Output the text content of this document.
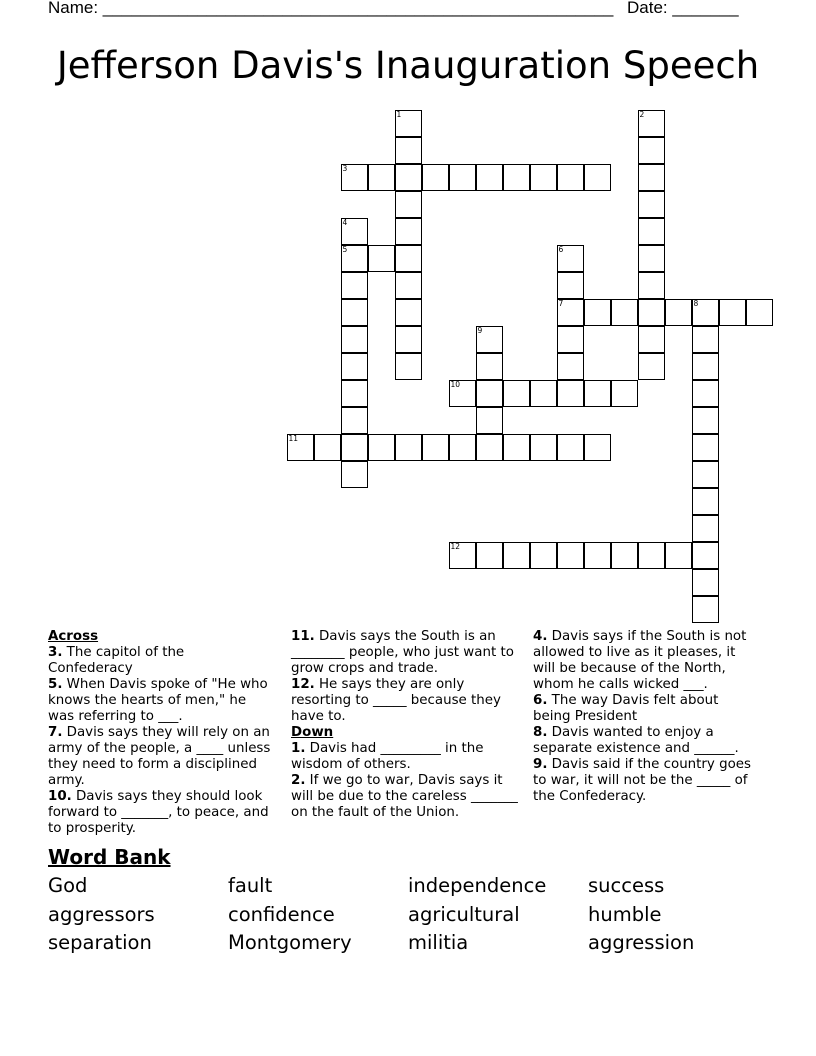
Name: ______________________________________________________ Date: _______
Jefferson Davis's Inauguration Speech
1	2
3
4
5	6
7	8
9
10
11
12
Across
3. The capitol of the Confederacy
5. When Davis spoke of "He who knows the hearts of men," he was referring to ___.
7. Davis says they will rely on an army of the people, a ____ unless they need to form a disciplined army.
10. Davis says they should look forward to _______, to peace, and to prosperity.
11. Davis says the South is an ________ people, who just want to grow crops and trade.
12. He says they are only resorting to _____ because they have to.
Down
1. Davis had _________ in the wisdom of others.
2. If we go to war, Davis says it will be due to the careless _______ on the fault of the Union.
4. Davis says if the South is not allowed to live as it pleases, it will be because of the North, whom he calls wicked ___.
6. The way Davis felt about being President
8. Davis wanted to enjoy a separate existence and ______.
9. Davis said if the country goes to war, it will not be the _____ of the Confederacy.
Word Bank
God	fault	independence success
aggressors	confidence	agricultural	humble
separation	Montgomery	militia	aggression
